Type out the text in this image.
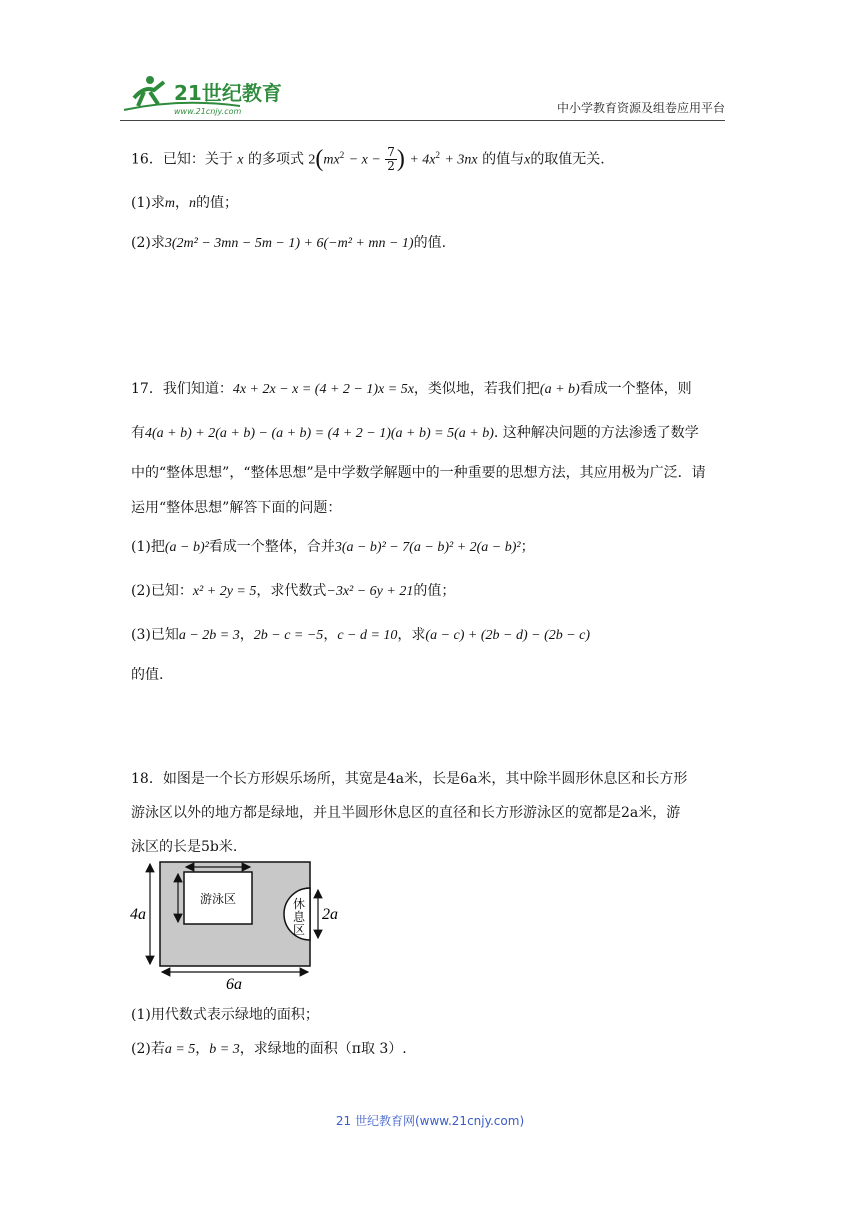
21世纪教育
www.21cnjy.com	中小学教育资源及组卷应用平台
16．已知：关于 x 的多项式 $2(mx^2 - x - \frac{7}{2}$ ) + $4x^2 + 3nx$ 的值与x的取值无关.
(1)求m，n的值；
(2)求3(2m² − 3mn − 5m − 1) + 6(−m² + mn − 1)的值.
17．我们知道：4x + 2x − x = (4 + 2 − 1)x = 5x，类似地，若我们把(a + b)看成一个整体，则
有4(a + b) + 2(a + b) − (a + b) = (4 + 2 − 1)(a + b) = 5(a + b). 这种解决问题的方法渗透了数学
中的“整体思想”，“整体思想”是中学数学解题中的一种重要的思想方法，其应用极为广泛．请
运用“整体思想”解答下面的问题：
(1)把(a − b)²看成一个整体，合并3(a − b)² − 7(a − b)² + 2(a − b)²；
(2)已知：x² + 2y = 5，求代数式−3x² − 6y + 21的值；
(3)已知a − 2b = 3，2b − c = −5，c − d = 10，求(a − c) + (2b − d) − (2b − c)
的值.
18．如图是一个长方形娱乐场所，其宽是4a米，长是6a米，其中除半圆形休息区和长方形
游泳区以外的地方都是绿地，并且半圆形休息区的直径和长方形游泳区的宽都是2a米，游
泳区的长是5b米.
游泳区	休
息
区
4a	2a
6a
(1)用代数式表示绿地的面积；
(2)若a = 5，b = 3，求绿地的面积（π取 3）.
21 世纪教育网(www.21cnjy.com)
